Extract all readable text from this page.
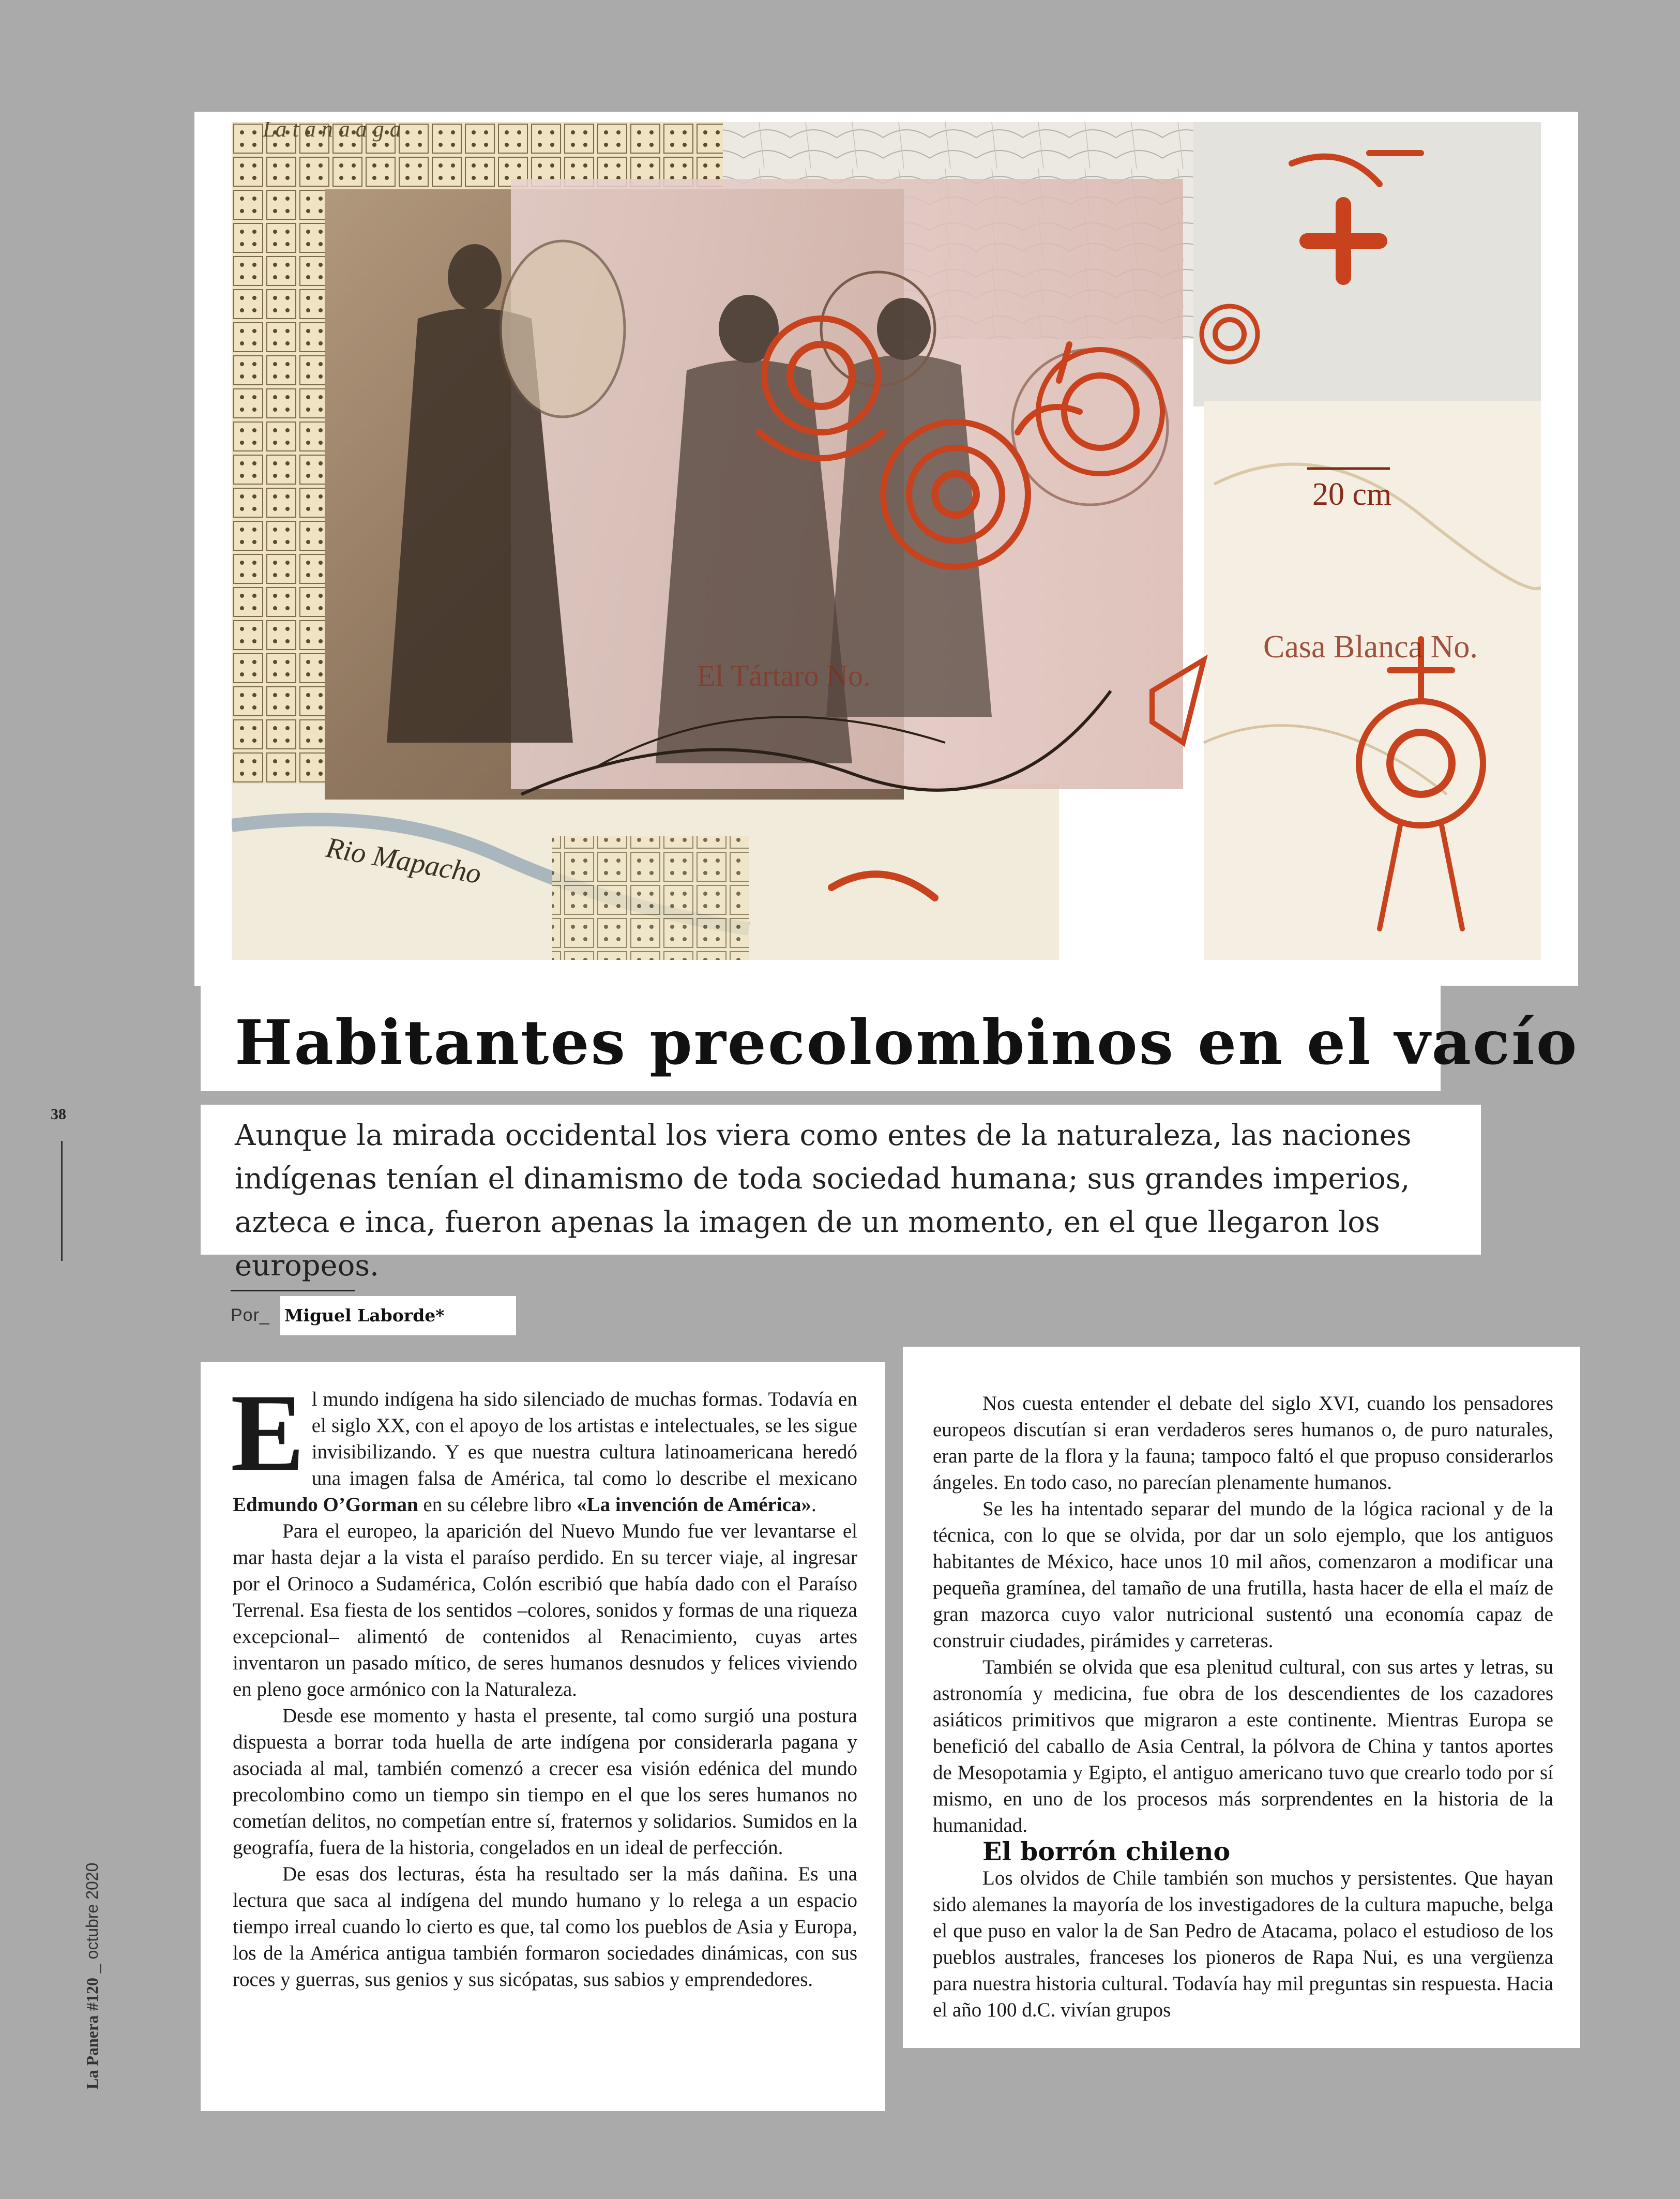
La t a n a a g a
20 cm
Casa Blanca No.
El Tártaro No.
Rio Mapacho
Habitantes precolombinos en el vacío

Aunque la mirada occidental los viera como entes de la naturaleza, las naciones indígenas tenían el dinamismo de toda sociedad humana; sus grandes imperios, azteca e inca, fueron apenas la imagen de un momento, en el que llegaron los europeos.

38
La Panera #120 _ octubre 2020
Por_ Miguel Laborde*

El mundo indígena ha sido silenciado de muchas formas. Todavía en el siglo XX, con el apoyo de los artistas e intelectuales, se les sigue invisibilizando. Y es que nuestra cultura latinoamericana heredó una imagen falsa de América, tal como lo describe el mexicano Edmundo O’Gorman en su célebre libro «La invención de América».

Para el europeo, la aparición del Nuevo Mundo fue ver levantarse el mar hasta dejar a la vista el paraíso perdido. En su tercer viaje, al ingresar por el Orinoco a Sudamérica, Colón escribió que había dado con el Paraíso Terrenal. Esa fiesta de los sentidos –colores, sonidos y formas de una riqueza excepcional– alimentó de contenidos al Renacimiento, cuyas artes inventaron un pasado mítico, de seres humanos desnudos y felices viviendo en pleno goce armónico con la Naturaleza.

Desde ese momento y hasta el presente, tal como surgió una postura dispuesta a borrar toda huella de arte indígena por considerarla pagana y asociada al mal, también comenzó a crecer esa visión edénica del mundo precolombino como un tiempo sin tiempo en el que los seres humanos no cometían delitos, no competían entre sí, fraternos y solidarios. Sumidos en la geografía, fuera de la historia, congelados en un ideal de perfección.

De esas dos lecturas, ésta ha resultado ser la más dañina. Es una lectura que saca al indígena del mundo humano y lo relega a un espacio tiempo irreal cuando lo cierto es que, tal como los pueblos de Asia y Europa, los de la América antigua también formaron sociedades dinámicas, con sus roces y guerras, sus genios y sus sicópatas, sus sabios y emprendedores.

Nos cuesta entender el debate del siglo XVI, cuando los pensadores europeos discutían si eran verdaderos seres humanos o, de puro naturales, eran parte de la flora y la fauna; tampoco faltó el que propuso considerarlos ángeles. En todo caso, no parecían plenamente humanos.

Se les ha intentado separar del mundo de la lógica racional y de la técnica, con lo que se olvida, por dar un solo ejemplo, que los antiguos habitantes de México, hace unos 10 mil años, comenzaron a modificar una pequeña gramínea, del tamaño de una frutilla, hasta hacer de ella el maíz de gran mazorca cuyo valor nutricional sustentó una economía capaz de construir ciudades, pirámides y carreteras.

También se olvida que esa plenitud cultural, con sus artes y letras, su astronomía y medicina, fue obra de los descendientes de los cazadores asiáticos primitivos que migraron a este continente. Mientras Europa se benefició del caballo de Asia Central, la pólvora de China y tantos aportes de Mesopotamia y Egipto, el antiguo americano tuvo que crearlo todo por sí mismo, en uno de los procesos más sorprendentes en la historia de la humanidad.

El borrón chileno

Los olvidos de Chile también son muchos y persistentes. Que hayan sido alemanes la mayoría de los investigadores de la cultura mapuche, belga el que puso en valor la de San Pedro de Atacama, polaco el estudioso de los pueblos australes, franceses los pioneros de Rapa Nui, es una vergüenza para nuestra historia cultural. Todavía hay mil preguntas sin respuesta. Hacia el año 100 d.C. vivían grupos
